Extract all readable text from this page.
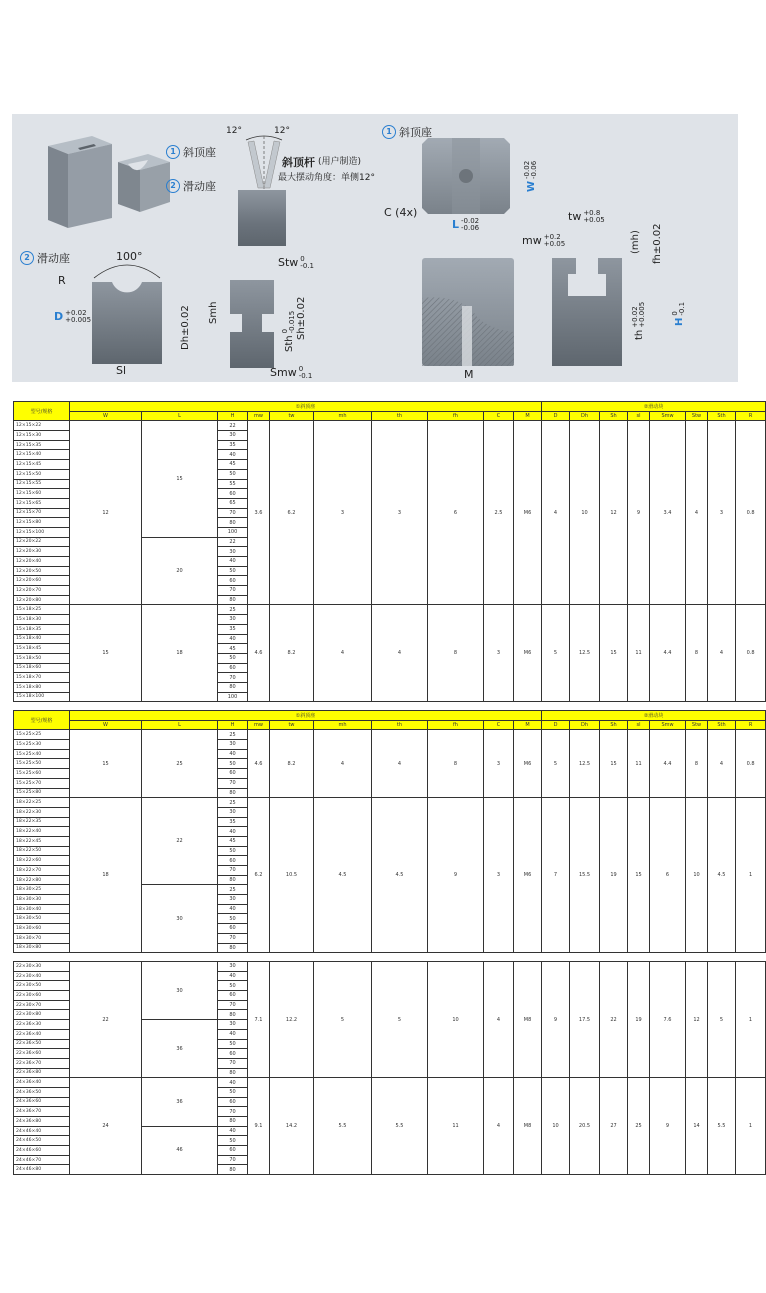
1 斜顶座
2 滑动座
12°	12°
斜顶杆 (用户制造)
最大摆动角度：单侧12°
2 滑动座	100°
R
D +0.02
+0.005	Dh±0.02
Sl
Stw 0
-0.1
Smh
Sth
0 -0.015 Sh±0.02
Smw 0
-0.1
1 斜顶座
C (4x)
W
-0.02 -0.06
L -0.02
-0.06
tw +0.8
+0.05
mw +0.2
+0.05	(mh) fh±0.02
M
th
+0.02 +0.005	H
0 -0.1
型号/规格	①斜顶座										②滑动块							
	W	L	H	mw	tw	mh	th	fh	C	M	D	Dh	Sh	sl	Smw	Stw	Sth	R
12×15×22	12	15	22	3.6	6.2	3	3	6	2.5	M6	4	10	12	9	3.4	4	3	0.8
12×15×30			30															
12×15×35			35															
12×15×40			40															
12×15×45			45															
12×15×50			50															
12×15×55			55															
12×15×60			60															
12×15×65			65															
12×15×70			70															
12×15×80			80															
12×15×100			100															
12×20×22		20	22															
12×20×30			30															
12×20×40			40															
12×20×50			50															
12×20×60			60															
12×20×70			70															
12×20×80			80															
15×18×25	15	18	25	4.6	8.2	4	4	8	3	M6	5	12.5	15	11	4.4	8	4	0.8
15×18×30			30															
15×18×35			35															
15×18×40			40															
15×18×45			45															
15×18×50			50															
15×18×60			60															
15×18×70			70															
15×18×80			80															
15×18×100			100															
型号/规格	①斜顶座										②滑动块							
	W	L	H	mw	tw	mh	th	fh	C	M	D	Dh	Sh	sl	Smw	Stw	Sth	R
15×25×25	15	25	25	4.6	8.2	4	4	8	3	M6	5	12.5	15	11	4.4	8	4	0.8
15×25×30			30															
15×25×40			40															
15×25×50			50															
15×25×60			60															
15×25×70			70															
15×25×80			80															
18×22×25	18	22	25	6.2	10.5	4.5	4.5	9	3	M6	7	15.5	19	15	6	10	4.5	1
18×22×30			30															
18×22×35			35															
18×22×40			40															
18×22×45			45															
18×22×50			50															
18×22×60			60															
18×22×70			70															
18×22×80			80															
18×30×25		30	25															
18×30×30			30															
18×30×40			40															
18×30×50			50															
18×30×60			60															
18×30×70			70															
18×30×80			80															
22×30×30	22	30	30	7.1	12.2	5	5	10	4	M8	9	17.5	22	19	7.6	12	5	1
22×30×40			40															
22×30×50			50															
22×30×60			60															
22×30×70			70															
22×30×80			80															
22×36×30		36	30															
22×36×40			40															
22×36×50			50															
22×36×60			60															
22×36×70			70															
22×36×80			80															
24×36×40	24	36	40	9.1	14.2	5.5	5.5	11	4	M8	10	20.5	27	25	9	14	5.5	1
24×36×50			50															
24×36×60			60															
24×36×70			70															
24×36×80			80															
24×46×40		46	40															
24×46×50			50															
24×46×60			60															
24×46×70			70															
24×46×80			80															
